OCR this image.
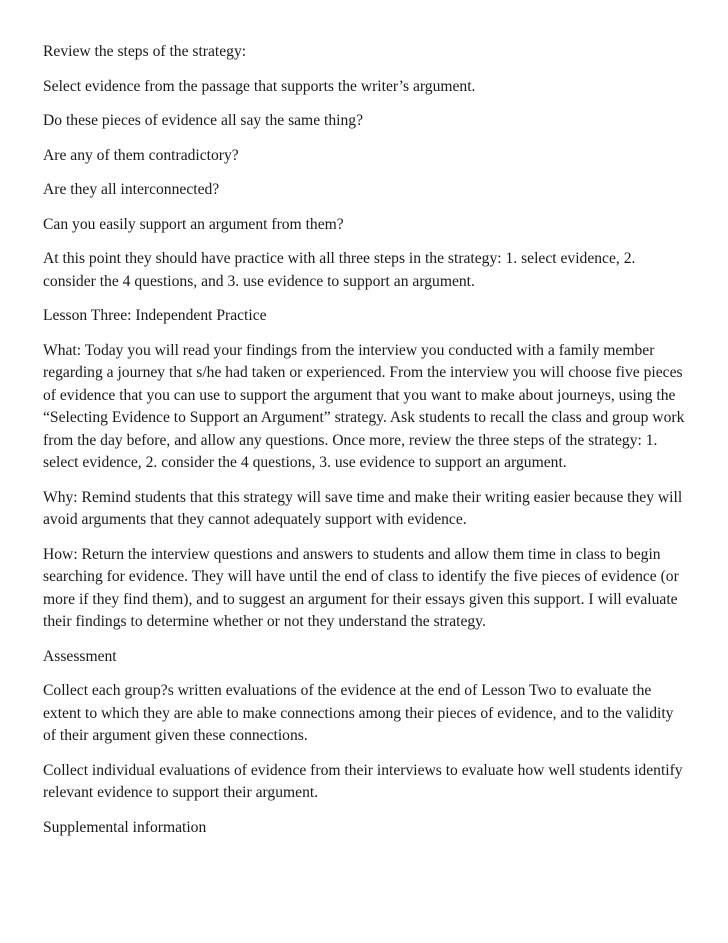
Review the steps of the strategy:

Select evidence from the passage that supports the writer’s argument.

Do these pieces of evidence all say the same thing?

Are any of them contradictory?

Are they all interconnected?

Can you easily support an argument from them?

At this point they should have practice with all three steps in the strategy: 1. select evidence, 2. consider the 4 questions, and 3. use evidence to support an argument.

Lesson Three: Independent Practice

What: Today you will read your findings from the interview you conducted with a family member regarding a journey that s/he had taken or experienced. From the interview you will choose five pieces of evidence that you can use to support the argument that you want to make about journeys, using the “Selecting Evidence to Support an Argument” strategy. Ask students to recall the class and group work from the day before, and allow any questions. Once more, review the three steps of the strategy: 1. select evidence, 2. consider the 4 questions, 3. use evidence to support an argument.

Why: Remind students that this strategy will save time and make their writing easier because they will avoid arguments that they cannot adequately support with evidence.

How: Return the interview questions and answers to students and allow them time in class to begin searching for evidence. They will have until the end of class to identify the five pieces of evidence (or more if they find them), and to suggest an argument for their essays given this support. I will evaluate their findings to determine whether or not they understand the strategy.

Assessment

Collect each group?s written evaluations of the evidence at the end of Lesson Two to evaluate the extent to which they are able to make connections among their pieces of evidence, and to the validity of their argument given these connections.

Collect individual evaluations of evidence from their interviews to evaluate how well students identify relevant evidence to support their argument.

Supplemental information
